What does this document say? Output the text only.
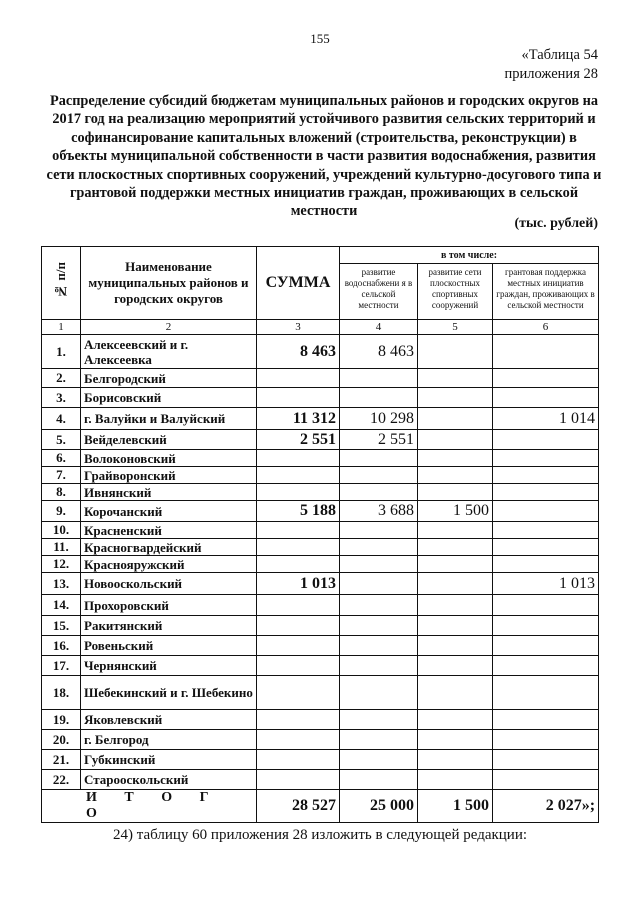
155
«Таблица 54
приложения 28
Распределение субсидий бюджетам муниципальных районов и городских округов на 2017 год на реализацию мероприятий устойчивого развития сельских территорий и софинансирование капитальных вложений (строительства, реконструкции) в объекты муниципальной собственности в части развития водоснабжения, развития сети плоскостных спортивных сооружений, учреждений культурно-досугового типа и грантовой поддержки местных инициатив граждан, проживающих в сельской местности
(тыс. рублей)
№ п/п	Наименование муниципальных районов и городских округов	СУММА	в том числе:		
			развитие водоснабжени я в сельской местности	развитие сети плоскостных спортивных сооружений	грантовая поддержка местных инициатив граждан, проживающих в сельской местности
1	2	3	4	5	6
1.	Алексеевский и г. Алексеевка	8 463	8 463		
2.	Белгородский				
3.	Борисовский				
4.	г. Валуйки и Валуйский	11 312	10 298		1 014
5.	Вейделевский	2 551	2 551		
6.	Волоконовский				
7.	Грайворонский				
8.	Ивнянский				
9.	Корочанский	5 188	3 688	1 500	
10.	Красненский				
11.	Красногвардейский				
12.	Краснояружский				
13.	Новооскольский	1 013			1 013
14.	Прохоровский				
15.	Ракитянский				
16.	Ровеньский				
17.	Чернянский				
18.	Шебекинский и г. Шебекино				
19.	Яковлевский				
20.	г. Белгород				
21.	Губкинский				
22.	Старооскольский				
И Т О Г О		28 527	25 000	1 500	2 027»;
24) таблицу 60 приложения 28 изложить в следующей редакции:
